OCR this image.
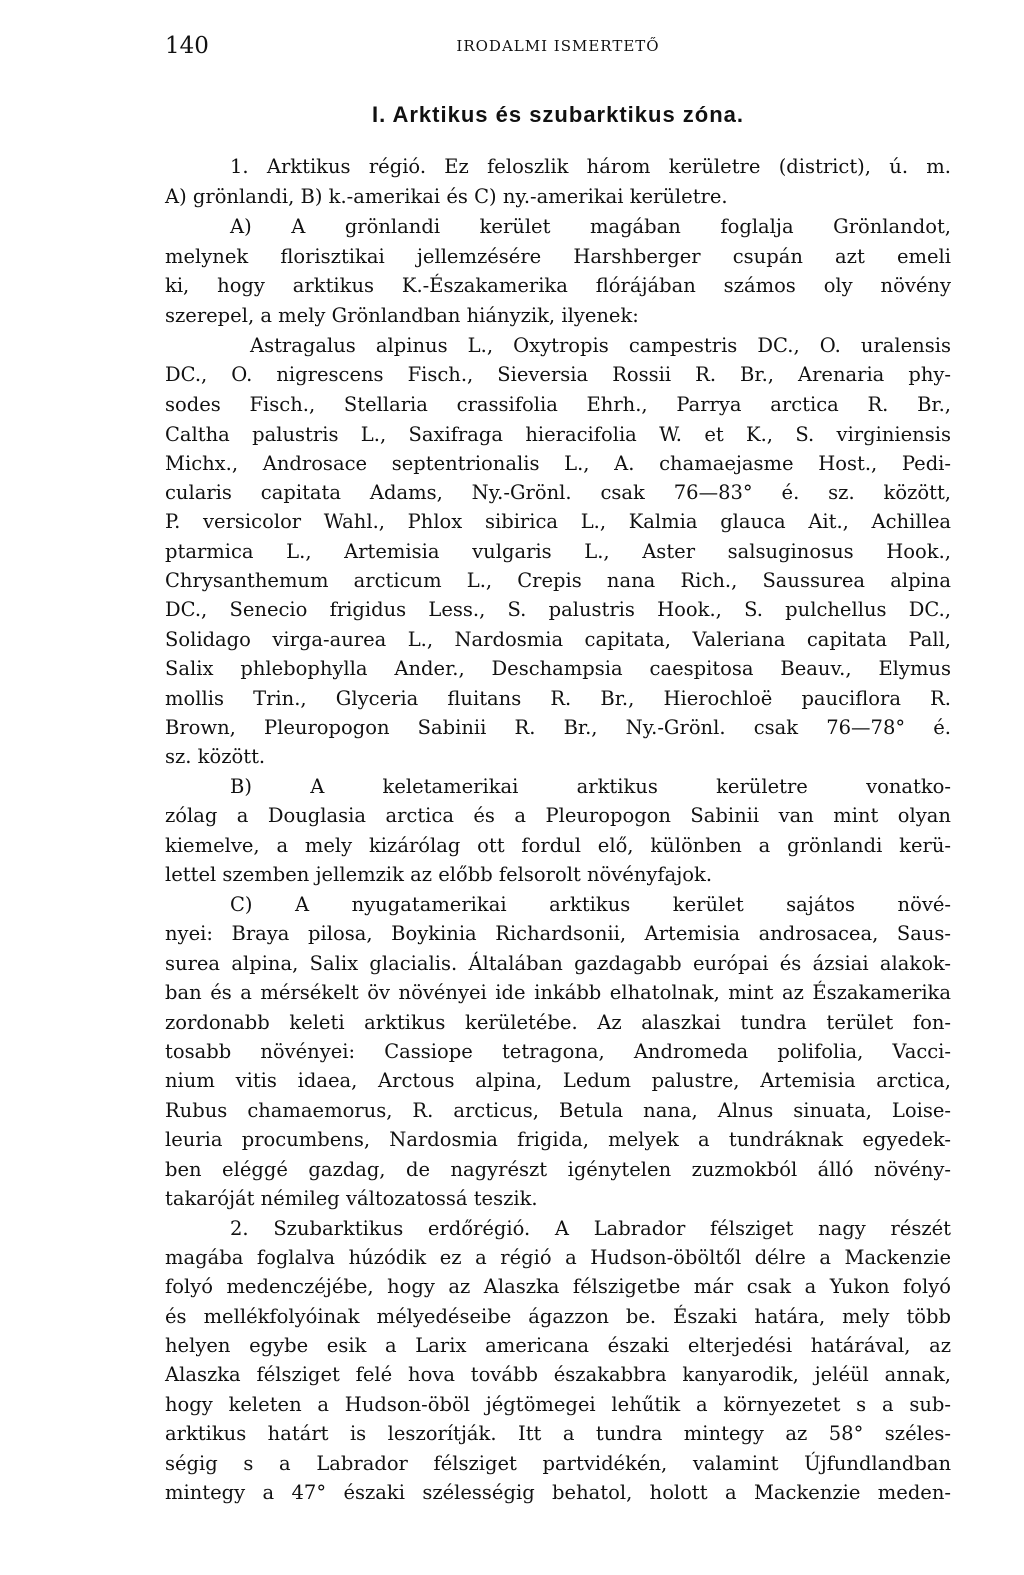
140	IRODALMI ISMERTETŐ
I. Arktikus és szubarktikus zóna.
1. Arktikus régió. Ez feloszlik három kerületre (district), ú. m.
A) grönlandi, B) k.-amerikai és C) ny.-amerikai kerületre.
A) A grönlandi kerület magában foglalja Grönlandot,
melynek florisztikai jellemzésére Harshberger csupán azt emeli
ki, hogy arktikus K.-Északamerika flórájában számos oly növény
szerepel, a mely Grönlandban hiányzik, ilyenek:
Astragalus alpinus L., Oxytropis campestris DC., O. uralensis
DC., O. nigrescens Fisch., Sieversia Rossii R. Br., Arenaria phy-
sodes Fisch., Stellaria crassifolia Ehrh., Parrya arctica R. Br.,
Caltha palustris L., Saxifraga hieracifolia W. et K., S. virginiensis
Michx., Androsace septentrionalis L., A. chamaejasme Host., Pedi-
cularis capitata Adams, Ny.-Grönl. csak 76—83° é. sz. között,
P. versicolor Wahl., Phlox sibirica L., Kalmia glauca Ait., Achillea
ptarmica L., Artemisia vulgaris L., Aster salsuginosus Hook.,
Chrysanthemum arcticum L., Crepis nana Rich., Saussurea alpina
DC., Senecio frigidus Less., S. palustris Hook., S. pulchellus DC.,
Solidago virga-aurea L., Nardosmia capitata, Valeriana capitata Pall,
Salix phlebophylla Ander., Deschampsia caespitosa Beauv., Elymus
mollis Trin., Glyceria fluitans R. Br., Hierochloë pauciflora R.
Brown, Pleuropogon Sabinii R. Br., Ny.-Grönl. csak 76—78° é.
sz. között.
B) A keletamerikai arktikus kerületre vonatko-
zólag a Douglasia arctica és a Pleuropogon Sabinii van mint olyan
kiemelve, a mely kizárólag ott fordul elő, különben a grönlandi kerü-
lettel szemben jellemzik az előbb felsorolt növényfajok.
C) A nyugatamerikai arktikus kerület sajátos növé-
nyei: Braya pilosa, Boykinia Richardsonii, Artemisia androsacea, Saus-
surea alpina, Salix glacialis. Általában gazdagabb európai és ázsiai alakok-
ban és a mérsékelt öv növényei ide inkább elhatolnak, mint az Északamerika
zordonabb keleti arktikus kerületébe. Az alaszkai tundra terület fon-
tosabb növényei: Cassiope tetragona, Andromeda polifolia, Vacci-
nium vitis idaea, Arctous alpina, Ledum palustre, Artemisia arctica,
Rubus chamaemorus, R. arcticus, Betula nana, Alnus sinuata, Loise-
leuria procumbens, Nardosmia frigida, melyek a tundráknak egyedek-
ben eléggé gazdag, de nagyrészt igénytelen zuzmokból álló növény-
takaróját némileg változatossá teszik.
2. Szubarktikus erdőrégió. A Labrador félsziget nagy részét
magába foglalva húzódik ez a régió a Hudson-öböltől délre a Mackenzie
folyó medenczéjébe, hogy az Alaszka félszigetbe már csak a Yukon folyó
és mellékfolyóinak mélyedéseibe ágazzon be. Északi határa, mely több
helyen egybe esik a Larix americana északi elterjedési határával, az
Alaszka félsziget felé hova tovább északabbra kanyarodik, jeléül annak,
hogy keleten a Hudson-öböl jégtömegei lehűtik a környezetet s a sub-
arktikus határt is leszorítják. Itt a tundra mintegy az 58° széles-
ségig s a Labrador félsziget partvidékén, valamint Újfundlandban
mintegy a 47° északi szélességig behatol, holott a Mackenzie meden-
